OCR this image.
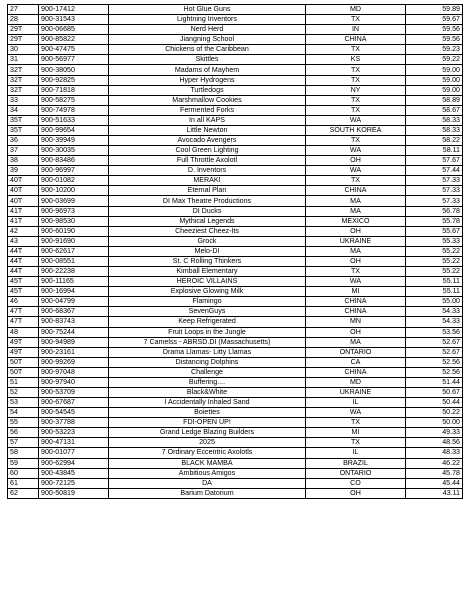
27	900-17412	Hot Glue Guns	MD	59.89
28	900-31543	Lightning Inventors	TX	59.67
29T	900-06685	Nerd Herd	IN	59.56
29T	900-85822	Jiangning School	CHINA	59.56
30	900-47475	Chickens of the Caribbean	TX	59.23
31	900-56977	Skittles	KS	59.22
32T	900-38050	Madams of Mayhem	TX	59.00
32T	900-92825	Hyper Hydrogens	TX	59.00
32T	900-71818	Turtledogs	NY	59.00
33	900-58275	Marshmallow Cookies	TX	58.89
34	900-74978	Fermented Forks	TX	58.67
35T	900-51633	In all KAPS	WA	58.33
35T	900-99654	Little Newton	SOUTH KOREA	58.33
36	900-39949	Avocado Avengers	TX	58.22
37	900-30035	Cool Green Lighting	WA	58.11
38	900-83486	Full Throttle Axolotl	OH	57.67
39	900-96997	D. Inventors	WA	57.44
40T	900-01082	MERAKI	TX	57.33
40T	900-10200	Eternal Plan	CHINA	57.33
40T	900-03699	DI Max Theatre Productions	MA	57.33
41T	900-96973	DI Ducks	MA	56.78
41T	900-98530	Mythical Legends	MEXICO	55.78
42	900-60190	Cheeziest Cheez-Its	OH	55.67
43	900-91690	Grock	UKRAINE	55.33
44T	900-62617	Melo-DI	MA	55.22
44T	900-08551	St. C Rolling Thinkers	OH	55.22
44T	900-22238	Kimball Elementary	TX	55.22
45T	900-11165	HEROIC VILLAINS	WA	55.11
45T	900-16994	Explosive Glowing Milk	MI	55.11
46	900-04799	Flamingo	CHINA	55.00
47T	900-68367	SevenGuys	CHINA	54.33
47T	900-83743	Keep Refrigerated	MN	54.33
48	900-75244	Fruit Loops in the Jungle	OH	53.56
49T	900-94989	7 Camelss - ABRSD.DI (Massachusetts)	MA	52.67
49T	900-23161	Drama Llamas- Litty Llamas	ONTARIO	52.67
50T	900-99269	Distancing Dolphins	CA	52.56
50T	900-97048	Challenge	CHINA	52.56
51	900-97940	Buffering....	MD	51.44
52	900-53709	Black&White	UKRAINE	50.67
53	900-67687	I Accidentally Inhaled Sand	IL	50.44
54	900-54545	Boiettes	WA	50.22
55	900-37788	FDI-OPEN UP!	TX	50.00
56	900-53223	Grand Ledge Blazing Builders	MI	49.33
57	900-47131	2025	TX	48.56
58	900-01077	7 Ordinary Eccentric Axolotls	IL	48.33
59	900-62994	BLACK MAMBA	BRAZIL	46.22
60	900-43845	Ambitious Amigos	ONTARIO	45.78
61	900-72125	DA	CO	45.44
62	900-50819	Barium Datorium	OH	43.11
